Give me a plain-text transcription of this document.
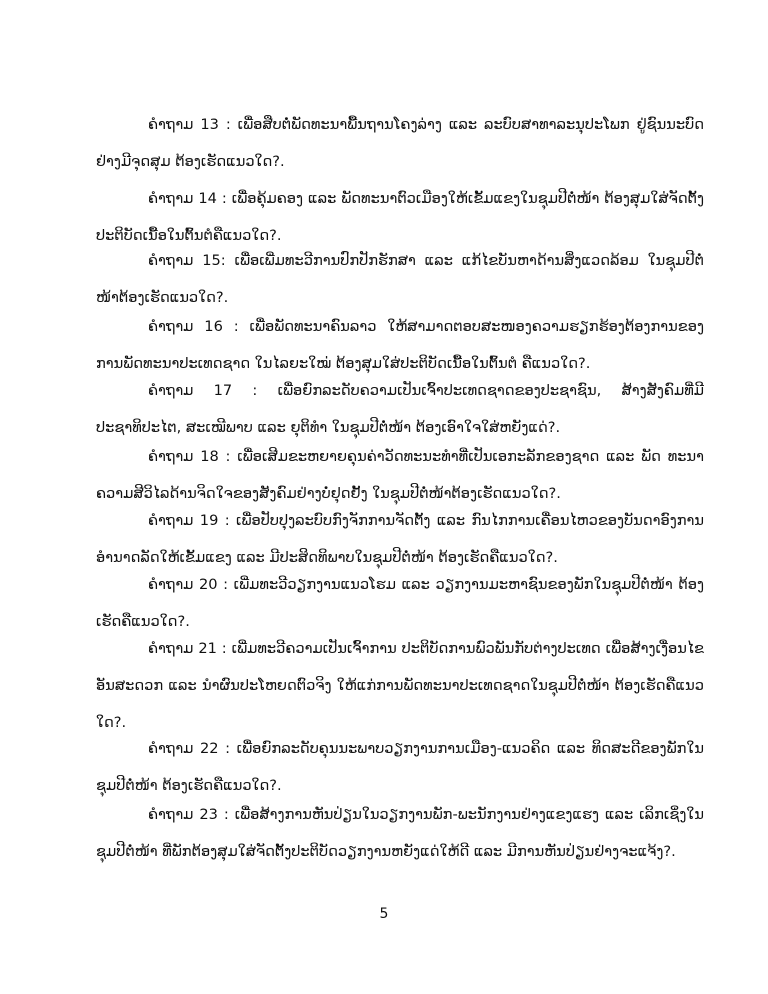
ຄຳຖາມ 13 : ເພື່ອສືບຕໍ່ພັດທະນາພື້ນຖານໂຄງລ່າງ ແລະ ລະບົບສາທາລະນຸປະໂພກ ຢູ່ຊົນນະບົດຢ່າງມີຈຸດສຸມ ຕ້ອງເຮັດແນວໃດ?.

ຄຳຖາມ 14 : ເພື່ອຄຸ້ມຄອງ ແລະ ພັດທະນາຕົວເມືອງໃຫ້ເຂັ້ມແຂງໃນຊຸມປີຕໍ່ໜ້າ ຕ້ອງສຸມໃສ່ຈັດຕັ້ງປະຕິບັດເນື້ອໃນຕົ້ນຕໍຄືແນວໃດ?.

ຄຳຖາມ 15: ເພື່ອເພີ່ມທະວີການປົກປັກຮັກສາ ແລະ ແກ້ໄຂບັນຫາດ້ານສິ່ງແວດລ້ອມ ໃນຊຸມປີຕໍ່ໜ້າຕ້ອງເຮັດແນວໃດ?.

ຄຳຖາມ 16 : ເພື່ອພັດທະນາຄົນລາວ ໃຫ້ສາມາດຕອບສະໜອງຄວາມຮຽກຮ້ອງຕ້ອງການຂອງການພັດທະນາປະເທດຊາດ ໃນໄລຍະໃໝ່ ຕ້ອງສຸມໃສ່ປະຕິບັດເນື້ອໃນຕົ້ນຕໍ ຄືແນວໃດ?.

ຄຳຖາມ 17 : ເພື່ອຍົກລະດັບຄວາມເປັນເຈົ້າປະເທດຊາດຂອງປະຊາຊົນ, ສ້າງສັງຄົມທີ່ມີປະຊາທິປະໄຕ, ສະເໝີພາບ ແລະ ຍຸຕິທຳ ໃນຊຸມປີຕໍ່ໜ້າ ຕ້ອງເອົາໃຈໃສ່ຫຍັງແດ່?.

ຄຳຖາມ 18 : ເພື່ອເສີມຂະຫຍາຍຄຸນຄ່າວັດທະນະທຳທີ່ເປັນເອກະລັກຂອງຊາດ ແລະ ພັດ ທະນາຄວາມສີວິໄລດ້ານຈິດໃຈຂອງສັງຄົມຢ່າງບໍ່ຢຸດຢັ້ງ ໃນຊຸມປີຕໍ່ໜ້າຕ້ອງເຮັດແນວໃດ?.

ຄຳຖາມ 19 : ເພື່ອປັບປຸງລະບົບກົງຈັກການຈັດຕັ້ງ ແລະ ກົນໄກການເຄື່ອນໄຫວຂອງບັນດາອົງການອຳນາດລັດໃຫ້ເຂັ້ມແຂງ ແລະ ມີປະສິດທິພາບໃນຊຸມປີຕໍ່ໜ້າ ຕ້ອງເຮັດຄືແນວໃດ?.

ຄຳຖາມ 20 : ເພີ່ມທະວີວຽກງານແນວໂຮມ ແລະ ວຽກງານມະຫາຊົນຂອງພັກໃນຊຸມປີຕໍ່ໜ້າ ຕ້ອງເຮັດຄືແນວໃດ?.

ຄຳຖາມ 21 : ເພີ່ມທະວີຄວາມເປັນເຈົ້າການ ປະຕິບັດການພົວພັນກັບຕ່າງປະເທດ ເພື່ອສ້າງເງື່ອນໄຂອັນສະດວກ ແລະ ນຳຜົນປະໂຫຍດຕົວຈິງ ໃຫ້ແກ່ການພັດທະນາປະເທດຊາດໃນຊຸມປີຕໍ່ໜ້າ ຕ້ອງເຮັດຄືແນວໃດ?.

ຄຳຖາມ 22 : ເພື່ອຍົກລະດັບຄຸນນະພາບວຽກງານການເມືອງ-ແນວຄິດ ແລະ ທິດສະດີຂອງພັກໃນຊຸມປີຕໍ່ໜ້າ ຕ້ອງເຮັດຄືແນວໃດ?.

ຄຳຖາມ 23 : ເພື່ອສ້າງການຫັນປ່ຽນໃນວຽກງານພັກ-ພະນັກງານຢ່າງແຂງແຮງ ແລະ ເລິກເຊິ່ງໃນຊຸມປີຕໍ່ໜ້າ ທີ່ພັກຕ້ອງສຸມໃສ່ຈັດຕັ້ງປະຕິບັດວຽກງານຫຍັງແດ່ໃຫ້ດີ ແລະ ມີການຫັນປ່ຽນຢ່າງຈະແຈ້ງ?.

5
